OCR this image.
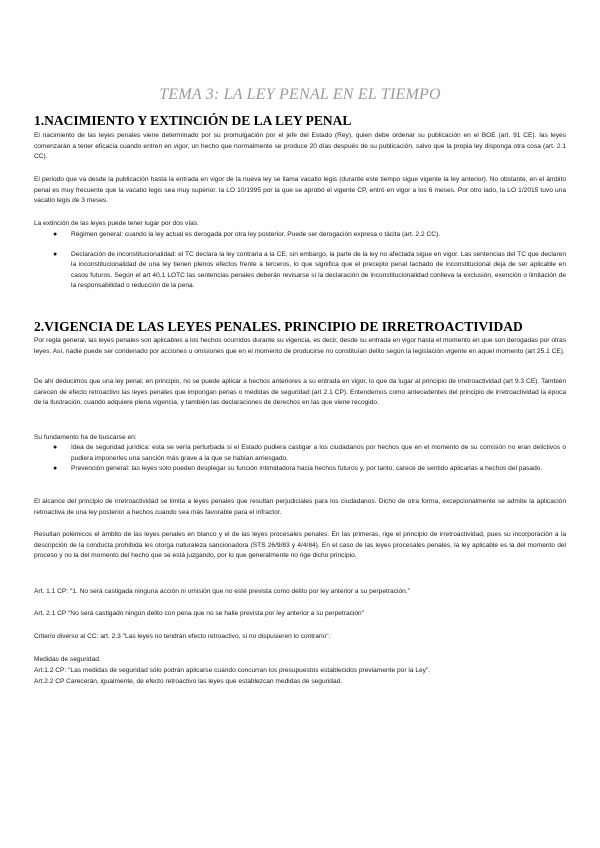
TEMA 3: LA LEY PENAL EN EL TIEMPO
1.NACIMIENTO Y EXTINCIÓN DE LA LEY PENAL
El nacimiento de las leyes penales viene determinado por su promulgación por el jefe del Estado (Rey), quien debe ordenar su publicación en el BOE (art. 91 CE). las leyes comenzarán a tener eficacia cuando entren en vigor, un hecho que normalmente se produce 20 días después de su publicación, salvo que la propia ley disponga otra cosa (art. 2.1 CC).
El periodo que va desde la publicación hasta la entrada en vigor de la nueva ley se llama vacatio legis (durante este tiempo sigue vigente la ley anterior). No obstante, en el ámbito penal es muy frecuente que la vacatio legis sea muy superior. la LO 10/1995 por la que se aprobó el vigente CP, entró en vigor a los 6 meses. Por otro lado, la LO 1/2015 tuvo una vacatio legis de 3 meses.
La extinción de las leyes puede tener lugar por dos vías:
● Régimen general: cuando la ley actual es derogada por otra ley posterior. Puede ser derogación expresa o tácita (art. 2.2 CC).
● Declaración de inconstitucionalidad: el TC declara la ley contraria a la CE, sin embargo, la parte de la ley no afectada sigue en vigor. Las sentencias del TC que declaren la inconstitucionalidad de una ley tienen plenos efectos frente a terceros, lo que significa que el precepto penal tachado de inconstitucional deja de ser aplicable en casos futuros. Según el art 40.1 LOTC las sentencias penales deberán revisarse si la declaración de inconstitucionalidad conlleva la exclusión, exención o limitación de la responsabilidad o reducción de la pena.
2.VIGENCIA DE LAS LEYES PENALES. PRINCIPIO DE IRRETROACTIVIDAD
Por regla general, las leyes penales son aplicables a los hechos ocurridos durante su vigencia, es decir, desde su entrada en vigor hasta el momento en que son derogadas por otras leyes. Así, nadie puede ser condenado por acciones u omisiones que en el momento de producirse no constituían delito según la legislación vigente en aquel momento (art 25.1 CE).
De ahí deducimos que una ley penal, en principio, no se puede aplicar a hechos anteriores a su entrada en vigor, lo que da lugar al principio de irretroactividad (art 9.3 CE). También carecen de efecto retroactivo las leyes penales que impongan penas o medidas de seguridad (art 2.1 CP). Entendemos como antecedentes del principio de irretroactividad la época de la Ilustración, cuando adquiere plena vigencia, y también las declaraciones de derechos en las que viene recogido.
Su fundamento ha de buscarse en:
● Idea de seguridad jurídica: esta se vería perturbada si el Estado pudiera castigar a los ciudadanos por hechos que en el momento de su comisión no eran delictivos o pudiera imponerles una sanción más grave a la que se habían arriesgado.
● Prevención general: las leyes solo pueden desplegar su función intimidadora hacia hechos futuros y, por tanto, carece de sentido aplicarlas a hechos del pasado.
El alcance del principio de irretroactividad se limita a leyes penales que resultan perjudiciales para los ciudadanos. Dicho de otra forma, excepcionalmente se admite la aplicación retroactiva de una ley posterior a hechos cuando sea más favorable para el infractor.
Resultan polémicos el ámbito de las leyes penales en blanco y el de las leyes procesales penales. En las primeras, rige el principio de irretroactividad, pues su incorporación a la descripción de la conducta prohibida les otorga naturaleza sancionadora (STS 26/9/83 y 4/4/84). En el caso de las leyes procesales penales, la ley aplicable es la del momento del proceso y no la del momento del hecho que se está juzgando, por lo que generalmente no rige dicho principio.
Art. 1.1 CP: "1. No será castigada ninguna acción ni omisión que no esté prevista como delito por ley anterior a su perpetración."
Art. 2.1 CP "No será castigado ningún delito con pena que no se halle prevista por ley anterior a su perpetración"
Criterio diverso al CC: art. 2.3 "Las leyes no tendrán efecto retroactivo, si no dispusieren lo contrario".
Medidas de seguridad.
Art.1.2 CP: "Las medidas de seguridad sólo podrán aplicarse cuando concurran los presupuestos establecidos previamente por la Ley".
Art.2.2 CP Carecerán, igualmente, de efecto retroactivo las leyes que establezcan medidas de seguridad.
